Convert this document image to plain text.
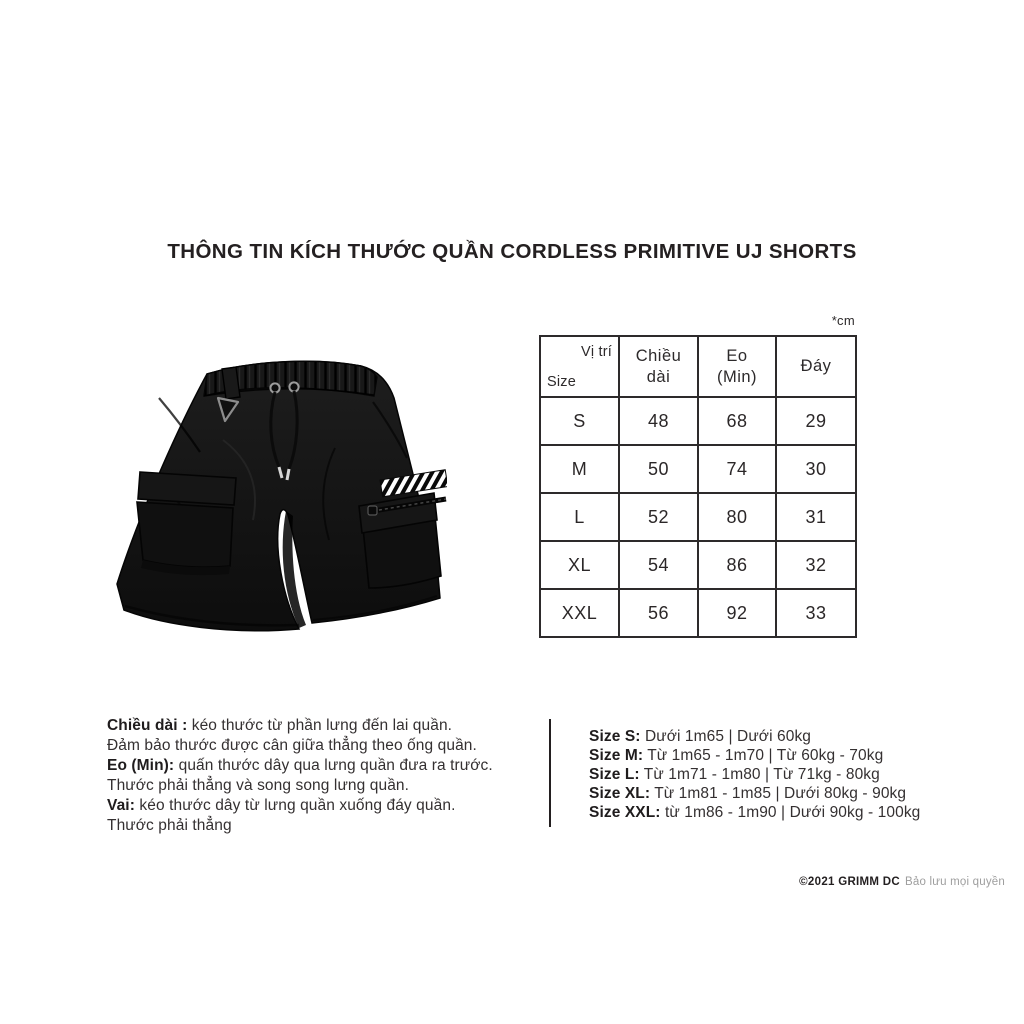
THÔNG TIN KÍCH THƯỚC QUẦN CORDLESS PRIMITIVE UJ SHORTS
*cm
Vị trí
Size	Chiều dài	Eo (Min)	Đáy
S	48	68	29
M	50	74	30
L	52	80	31
XL	54	86	32
XXL	56	92	33
Chiều dài : kéo thước từ phần lưng đến lai quần.
Đảm bảo thước được cân giữa thẳng theo ống quần.
Eo (Min): quấn thước dây qua lưng quần đưa ra trước.
Thước phải thẳng và song song lưng quần.
Vai: kéo thước dây từ lưng quần xuống đáy quần.
Thước phải thẳng
Size S: Dưới 1m65 | Dưới 60kg
Size M: Từ 1m65 - 1m70 | Từ 60kg - 70kg
Size L: Từ 1m71 - 1m80 | Từ 71kg - 80kg
Size XL: Từ 1m81 - 1m85 | Dưới 80kg - 90kg
Size XXL: từ 1m86 - 1m90 | Dưới 90kg - 100kg
©2021 GRIMM DC Bảo lưu mọi quyền
